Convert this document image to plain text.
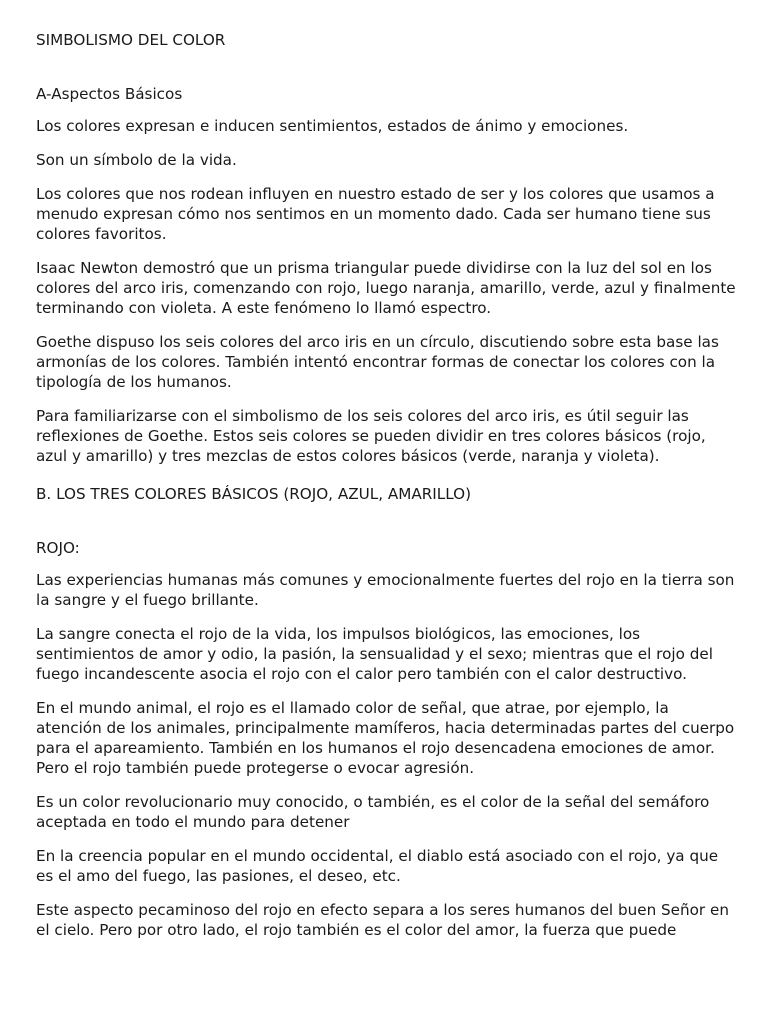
SIMBOLISMO DEL COLOR

A-Aspectos Básicos

Los colores expresan e inducen sentimientos, estados de ánimo y emociones.

Son un símbolo de la vida.

Los colores que nos rodean influyen en nuestro estado de ser y los colores que usamos a menudo expresan cómo nos sentimos en un momento dado. Cada ser humano tiene sus colores favoritos.

Isaac Newton demostró que un prisma triangular puede dividirse con la luz del sol en los colores del arco iris, comenzando con rojo, luego naranja, amarillo, verde, azul y finalmente terminando con violeta. A este fenómeno lo llamó espectro.

Goethe dispuso los seis colores del arco iris en un círculo, discutiendo sobre esta base las armonías de los colores. También intentó encontrar formas de conectar los colores con la tipología de los humanos.

Para familiarizarse con el simbolismo de los seis colores del arco iris, es útil seguir las reflexiones de Goethe. Estos seis colores se pueden dividir en tres colores básicos (rojo, azul y amarillo) y tres mezclas de estos colores básicos (verde, naranja y violeta).

B. LOS TRES COLORES BÁSICOS (ROJO, AZUL, AMARILLO)

ROJO:

Las experiencias humanas más comunes y emocionalmente fuertes del rojo en la tierra son la sangre y el fuego brillante.

La sangre conecta el rojo de la vida, los impulsos biológicos, las emociones, los sentimientos de amor y odio, la pasión, la sensualidad y el sexo; mientras que el rojo del fuego incandescente asocia el rojo con el calor pero también con el calor destructivo.

En el mundo animal, el rojo es el llamado color de señal, que atrae, por ejemplo, la atención de los animales, principalmente mamíferos, hacia determinadas partes del cuerpo para el apareamiento. También en los humanos el rojo desencadena emociones de amor. Pero el rojo también puede protegerse o evocar agresión.

Es un color revolucionario muy conocido, o también, es el color de la señal del semáforo aceptada en todo el mundo para detener

En la creencia popular en el mundo occidental, el diablo está asociado con el rojo, ya que es el amo del fuego, las pasiones, el deseo, etc.

Este aspecto pecaminoso del rojo en efecto separa a los seres humanos del buen Señor en el cielo. Pero por otro lado, el rojo también es el color del amor, la fuerza que puede
